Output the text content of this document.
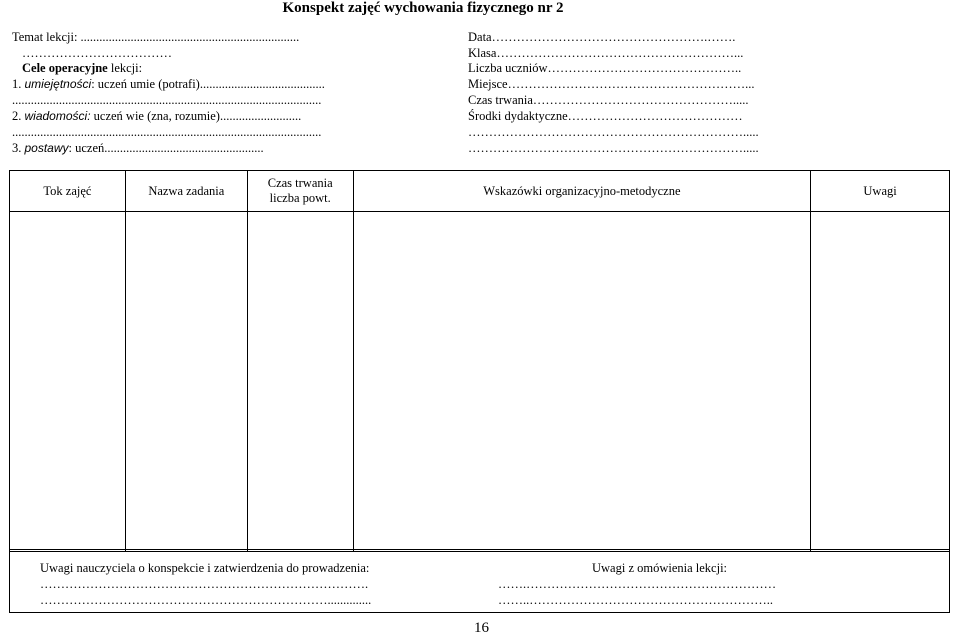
Konspekt zajęć wychowania fizycznego nr 2
Temat lekcji: ......................................................................
………………………………
Cele operacyjne lekcji:
1. umiejętności: uczeń umie (potrafi)........................................
...................................................................................................
2. wiadomości: uczeń wie (zna, rozumie)..........................
...................................................................................................
3. postawy: uczeń...................................................
Data…………………………………………….…….
Klasa…………………………………………………...
Liczba uczniów………………………………………..
Miejsce…………………………………………………...
Czas trwania………………………………………….....
Środki dydaktyczne……………………………………
………………………………………………………….....
………………………………………………………….....
Tok zajęć	Nazwa zadania	Czas trwania
liczba powt.	Wskazówki organizacyjno-metodyczne	Uwagi

Uwagi nauczyciela o konspekcie i zatwierdzenia do prowadzenia:
…………………………………………………………………….
……………………………………………………………..............
Uwagi z omówienia lekcji:
…….……………………………………………………
……..…………………………………………………..
16
